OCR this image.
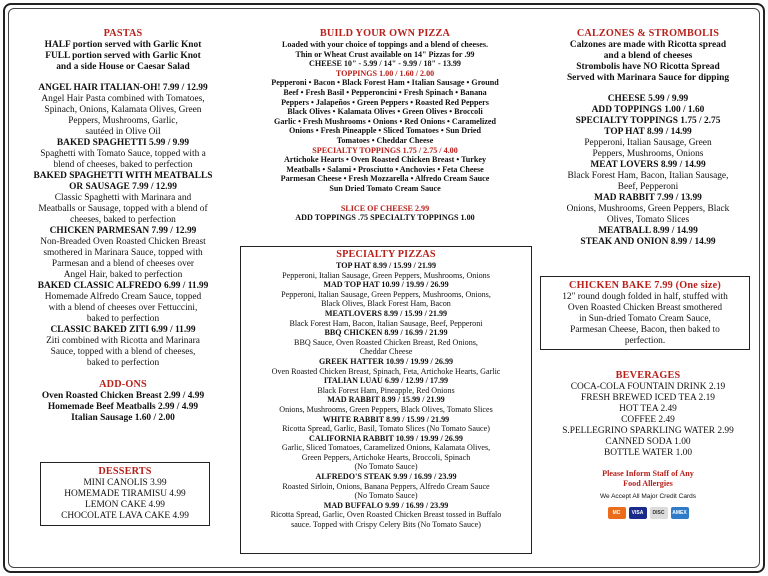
PASTAS
HALF portion served with Garlic Knot
FULL portion served with Garlic Knot
and a side House or Caesar Salad
ANGEL HAIR ITALIAN-OH! 7.99 / 12.99
Angel Hair Pasta combined with Tomatoes,
Spinach, Onions, Kalamata Olives, Green
Peppers, Mushrooms, Garlic,
sautéed in Olive Oil
BAKED SPAGHETTI 5.99 / 9.99
Spaghetti with Tomato Sauce, topped with a
blend of cheeses, baked to perfection
BAKED SPAGHETTI WITH MEATBALLS
OR SAUSAGE 7.99 / 12.99
Classic Spaghetti with Marinara and
Meatballs or Sausage, topped with a blend of
cheeses, baked to perfection
CHICKEN PARMESAN 7.99 / 12.99
Non-Breaded Oven Roasted Chicken Breast
smothered in Marinara Sauce, topped with
Parmesan and a blend of cheeses over
Angel Hair, baked to perfection
BAKED CLASSIC ALFREDO 6.99 / 11.99
Homemade Alfredo Cream Sauce, topped
with a blend of cheeses over Fettuccini,
baked to perfection
CLASSIC BAKED ZITI 6.99 / 11.99
Ziti combined with Ricotta and Marinara
Sauce, topped with a blend of cheeses,
baked to perfection
ADD-ONS
Oven Roasted Chicken Breast 2.99 / 4.99
Homemade Beef Meatballs 2.99 / 4.99
Italian Sausage 1.60 / 2.00
DESSERTS
MINI CANOLIS 3.99
HOMEMADE TIRAMISU 4.99
LEMON CAKE 4.99
CHOCOLATE LAVA CAKE 4.99
BUILD YOUR OWN PIZZA
Loaded with your choice of toppings and a blend of cheeses.
Thin or Wheat Crust available on 14" Pizzas for .99
CHEESE 10" - 5.99 / 14" - 9.99 / 18" - 13.99
TOPPINGS 1.00 / 1.60 / 2.00
Pepperoni • Bacon • Black Forest Ham • Italian Sausage • Ground
Beef • Fresh Basil • Pepperoncini • Fresh Spinach • Banana
Peppers • Jalapeños • Green Peppers • Roasted Red Peppers
Black Olives • Kalamata Olives • Green Olives • Broccoli
Garlic • Fresh Mushrooms • Onions • Red Onions • Caramelized
Onions • Fresh Pineapple • Sliced Tomatoes • Sun Dried
Tomatoes • Cheddar Cheese
SPECIALTY TOPPINGS 1.75 / 2.75 / 4.00
Artichoke Hearts • Oven Roasted Chicken Breast • Turkey
Meatballs • Salami • Prosciutto • Anchovies • Feta Cheese
Parmesan Cheese • Fresh Mozzarella • Alfredo Cream Sauce
Sun Dried Tomato Cream Sauce
SLICE OF CHEESE 2.99
ADD TOPPINGS .75 SPECIALTY TOPPINGS 1.00
SPECIALTY PIZZAS
TOP HAT 8.99 / 15.99 / 21.99
Pepperoni, Italian Sausage, Green Peppers, Mushrooms, Onions
MAD TOP HAT 10.99 / 19.99 / 26.99
Pepperoni, Italian Sausage, Green Peppers, Mushrooms, Onions,
Black Olives, Black Forest Ham, Bacon
MEATLOVERS 8.99 / 15.99 / 21.99
Black Forest Ham, Bacon, Italian Sausage, Beef, Pepperoni
BBQ CHICKEN 8.99 / 16.99 / 21.99
BBQ Sauce, Oven Roasted Chicken Breast, Red Onions,
Cheddar Cheese
GREEK HATTER 10.99 / 19.99 / 26.99
Oven Roasted Chicken Breast, Spinach, Feta, Artichoke Hearts, Garlic
ITALIAN LUAU 6.99 / 12.99 / 17.99
Black Forest Ham, Pineapple, Red Onions
MAD RABBIT 8.99 / 15.99 / 21.99
Onions, Mushrooms, Green Peppers, Black Olives, Tomato Slices
WHITE RABBIT 8.99 / 15.99 / 21.99
Ricotta Spread, Garlic, Basil, Tomato Slices (No Tomato Sauce)
CALIFORNIA RABBIT 10.99 / 19.99 / 26.99
Garlic, Sliced Tomatoes, Caramelized Onions, Kalamata Olives,
Green Peppers, Artichoke Hearts, Broccoli, Spinach
(No Tomato Sauce)
ALFREDO'S STEAK 9.99 / 16.99 / 23.99
Roasted Sirloin, Onions, Banana Peppers, Alfredo Cream Sauce
(No Tomato Sauce)
MAD BUFFALO 9.99 / 16.99 / 23.99
Ricotta Spread, Garlic, Oven Roasted Chicken Breast tossed in Buffalo
sauce. Topped with Crispy Celery Bits (No Tomato Sauce)
CALZONES & STROMBOLIS
Calzones are made with Ricotta spread
and a blend of cheeses
Strombolis have NO Ricotta Spread
Served with Marinara Sauce for dipping
CHEESE 5.99 / 9.99
ADD TOPPINGS 1.00 / 1.60
SPECIALTY TOPPINGS 1.75 / 2.75
TOP HAT 8.99 / 14.99
Pepperoni, Italian Sausage, Green
Peppers, Mushrooms, Onions
MEAT LOVERS 8.99 / 14.99
Black Forest Ham, Bacon, Italian Sausage,
Beef, Pepperoni
MAD RABBIT 7.99 / 13.99
Onions, Mushrooms, Green Peppers, Black
Olives, Tomato Slices
MEATBALL 8.99 / 14.99
STEAK AND ONION 8.99 / 14.99
CHICKEN BAKE 7.99 (One size)
12" round dough folded in half, stuffed with
Oven Roasted Chicken Breast smothered
in Sun-dried Tomato Cream Sauce,
Parmesan Cheese, Bacon, then baked to
perfection.
BEVERAGES
COCA-COLA FOUNTAIN DRINK 2.19
FRESH BREWED ICED TEA 2.19
HOT TEA 2.49
COFFEE 2.49
S.PELLEGRINO SPARKLING WATER 2.99
CANNED SODA 1.00
BOTTLE WATER 1.00
Please Inform Staff of Any
Food Allergies
We Accept All Major Credit Cards
MC	VISA	DISC	AMEX
